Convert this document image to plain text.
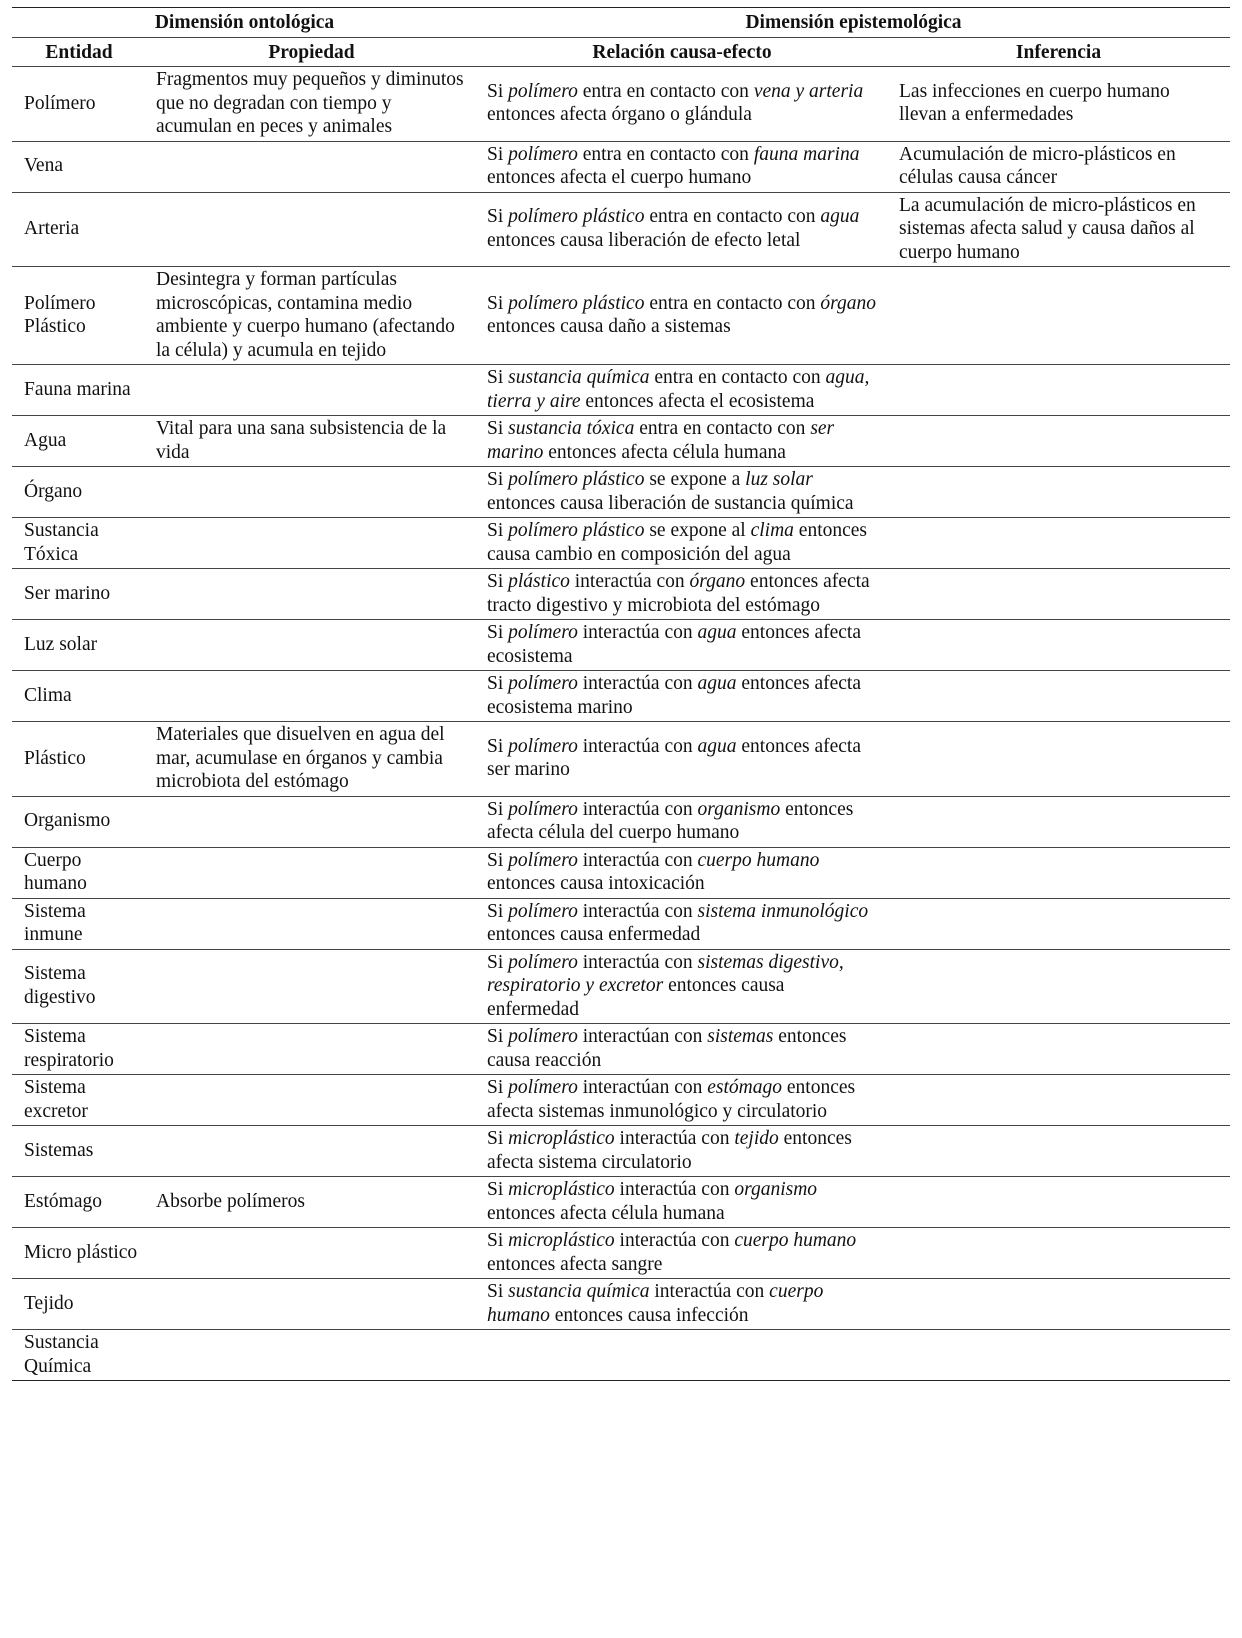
Dimensión ontológica		Dimensión epistemológica	
Entidad	Propiedad	Relación causa-efecto	Inferencia
Polímero	Fragmentos muy pequeños y diminutos que no degradan con tiempo y acumulan en peces y animales	Si polímero entra en contacto con vena y arteria entonces afecta órgano o glándula	Las infecciones en cuerpo humano llevan a enfermedades
Vena		Si polímero entra en contacto con fauna marina entonces afecta el cuerpo humano	Acumulación de micro-plásticos en células causa cáncer
Arteria		Si polímero plástico entra en contacto con agua entonces causa liberación de efecto letal	La acumulación de micro-plásticos en sistemas afecta salud y causa daños al cuerpo humano
Polímero Plástico	Desintegra y forman partículas microscópicas, contamina medio ambiente y cuerpo humano (afectando la célula) y acumula en tejido	Si polímero plástico entra en contacto con órgano entonces causa daño a sistemas	
Fauna marina		Si sustancia química entra en contacto con agua, tierra y aire entonces afecta el ecosistema	
Agua	Vital para una sana subsistencia de la vida	Si sustancia tóxica entra en contacto con ser marino entonces afecta célula humana	
Órgano		Si polímero plástico se expone a luz solar entonces causa liberación de sustancia química	
Sustancia Tóxica		Si polímero plástico se expone al clima entonces causa cambio en composición del agua	
Ser marino		Si plástico interactúa con órgano entonces afecta tracto digestivo y microbiota del estómago	
Luz solar		Si polímero interactúa con agua entonces afecta ecosistema	
Clima		Si polímero interactúa con agua entonces afecta ecosistema marino	
Plástico	Materiales que disuelven en agua del mar, acumulase en órganos y cambia microbiota del estómago	Si polímero interactúa con agua entonces afecta ser marino	
Organismo		Si polímero interactúa con organismo entonces afecta célula del cuerpo humano	
Cuerpo humano		Si polímero interactúa con cuerpo humano entonces causa intoxicación	
Sistema inmune		Si polímero interactúa con sistema inmunológico entonces causa enfermedad	
Sistema digestivo		Si polímero interactúa con sistemas digestivo, respiratorio y excretor entonces causa enfermedad	
Sistema respiratorio		Si polímero interactúan con sistemas entonces causa reacción	
Sistema excretor		Si polímero interactúan con estómago entonces afecta sistemas inmunológico y circulatorio	
Sistemas		Si microplástico interactúa con tejido entonces afecta sistema circulatorio	
Estómago	Absorbe polímeros	Si microplástico interactúa con organismo entonces afecta célula humana	
Micro plástico		Si microplástico interactúa con cuerpo humano entonces afecta sangre	
Tejido		Si sustancia química interactúa con cuerpo humano entonces causa infección	
Sustancia Química			
